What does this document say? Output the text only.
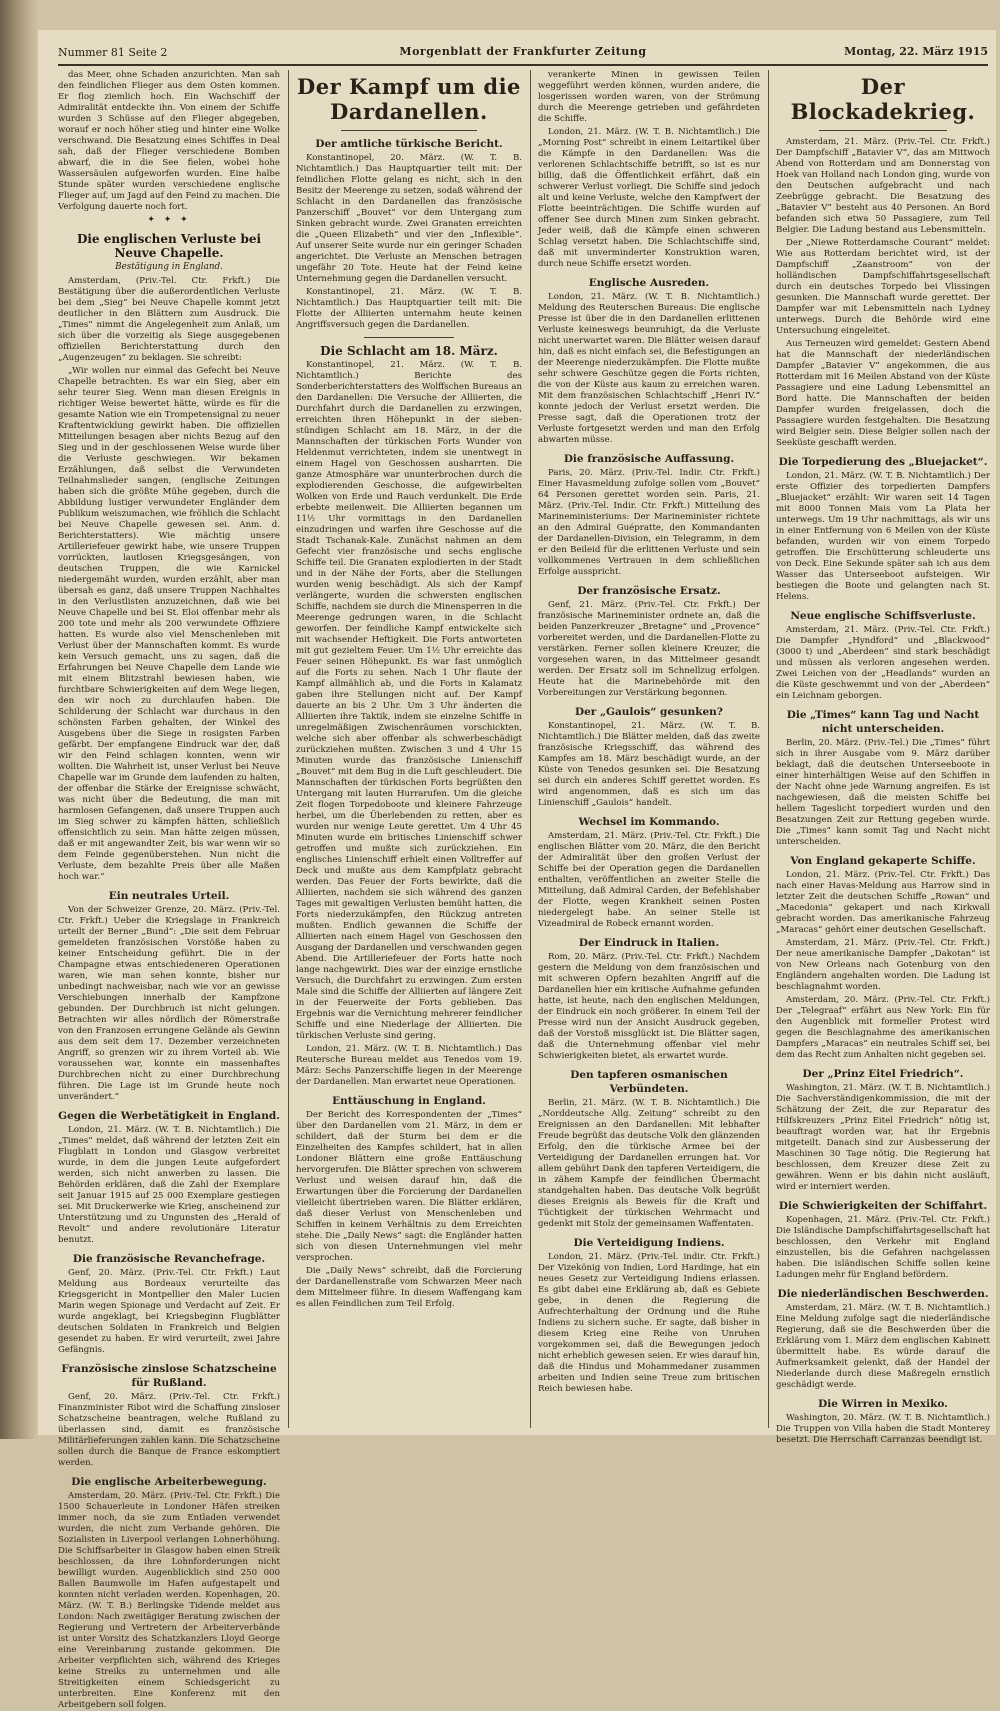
Nummer 81 Seite 2	Morgenblatt der Frankfurter Zeitung	Montag, 22. März 1915

das Meer, ohne Schaden anzurichten. Man sah den feindlichen Flieger aus dem Osten kommen. Er flog ziemlich hoch. Ein Wachschiff der Admiralität entdeckte ihn. Von einem der Schiffe wurden 3 Schüsse auf den Flieger abgegeben, worauf er noch höher stieg und hinter eine Wolke verschwand. Die Besatzung eines Schiffes in Deal sah, daß der Flieger verschiedene Bomben abwarf, die in die See fielen, wobei hohe Wassersäulen aufgeworfen wurden. Eine halbe Stunde später wurden verschiedene englische Flieger auf, um Jagd auf den Feind zu machen. Die Verfolgung dauerte noch fort.

✦ ✦ ✦
Die englischen Verluste bei Neuve Chapelle.
Bestätigung in England.

Amsterdam, (Priv.-Tel. Ctr. Frkft.) Die Bestätigung über die außerordentlichen Verluste bei dem „Sieg“ bei Neuve Chapelle kommt jetzt deutlicher in den Blättern zum Ausdruck. Die „Times“ nimmt die Angelegenheit zum Anlaß, um sich über die vorzeitig als Siege ausgegebenen offiziellen Berichterstattung durch den „Augenzeugen“ zu beklagen. Sie schreibt:

„Wir wollen nur einmal das Gefecht bei Neuve Chapelle betrachten. Es war ein Sieg, aber ein sehr teurer Sieg. Wenn man diesen Ereignis in richtiger Weise bewertet hätte, würde es für die gesamte Nation wie ein Trompetensignal zu neuer Kraftentwicklung gewirkt haben. Die offiziellen Mitteilungen besagen aber nichts Bezug auf den Sieg und in der geschlossenen Weise wurde über die Verluste geschwiegen. Wir bekamen Erzählungen, daß selbst die Verwundeten Teilnahmslieder sangen, (englische Zeitungen haben sich die größte Mühe gegeben, durch die Abbildung lustiger verwundeter Engländer dem Publikum weiszumachen, wie fröhlich die Schlacht bei Neuve Chapelle gewesen sei. Anm. d. Berichterstatters). Wie mächtig unsere Artilleriefeuer gewirkt habe, wie unsere Truppen vorrückten, lautlosen Kriegsgesängen, von deutschen Truppen, die wie Karnickel niedergemäht wurden, wurden erzählt, aber man übersah es ganz, daß unsere Truppen Nachhaltes in den Verlustlisten anzuzeichnen, daß wie bei Neuve Chapelle und bei St. Eloi offenbar mehr als 200 tote und mehr als 200 verwundete Offiziere hatten. Es wurde also viel Menschenleben mit Verlust über der Mannschaften kommt. Es wurde kein Versuch gemacht, uns zu sagen, daß die Erfahrungen bei Neuve Chapelle dem Lande wie mit einem Blitzstrahl bewiesen haben, wie furchtbare Schwierigkeiten auf dem Wege liegen, den wir noch zu durchlaufen haben. Die Schilderung der Schlacht war durchaus in den schönsten Farben gehalten, der Winkel des Ausgebens über die Siege in rosigsten Farben gefärbt. Der empfangene Eindruck war der, daß wir den Feind schlagen konnten, wenn wir wollten. Die Wahrheit ist, unser Verlust bei Neuve Chapelle war im Grunde dem laufenden zu halten, der offenbar die Stärke der Ereignisse schwächt, was nicht über die Bedeutung, die man mit harmlosen Gefangenen, daß unsere Truppen auch im Sieg schwer zu kämpfen hätten, schließlich offensichtlich zu sein. Man hätte zeigen müssen, daß er mit angewandter Zeit, bis war wenn wir so dem Feinde gegenüberstehen. Nun nicht die Verluste, dem bezahlte Preis über alle Maßen hoch war.“

Ein neutrales Urteil.

Von der Schweizer Grenze, 20. März. (Priv.-Tel. Ctr. Frkft.) Ueber die Kriegslage in Frankreich urteilt der Berner „Bund“: „Die seit dem Februar gemeldeten französischen Vorstöße haben zu keiner Entscheidung geführt. Die in der Champagne etwas entschiedeneren Operationen waren, wie man sehen konnte, bisher nur unbedingt nachweisbar, nach wie vor an gewisse Verschiebungen innerhalb der Kampfzone gebunden. Der Durchbruch ist nicht gelungen. Betrachten wir alles nördlich der Römerstraße von den Franzosen errungene Gelände als Gewinn aus dem seit dem 17. Dezember verzeichneten Angriff, so grenzen wir zu ihrem Vorteil ab. Wie voraussehen war, konnte ein massenhaftes Durchbrechen nicht zu einer Durchbrechung führen. Die Lage ist im Grunde heute noch unverändert.“

Gegen die Werbetätigkeit in England.

London, 21. März. (W. T. B. Nichtamtlich.) Die „Times“ meldet, daß während der letzten Zeit ein Flugblatt in London und Glasgow verbreitet wurde, in dem die jungen Leute aufgefordert werden, sich nicht anwerben zu lassen. Die Behörden erklären, daß die Zahl der Exemplare seit Januar 1915 auf 25 000 Exemplare gestiegen sei. Mit Druckerwerke wie Krieg, anscheinend zur Unterstützung und zu Ungunsten des „Herald of Revolt“ und andere revolutionäre Literatur benutzt.

Die französische Revanchefrage.

Genf, 20. März. (Priv.-Tel. Ctr. Frkft.) Laut Meldung aus Bordeaux verurteilte das Kriegsgericht in Montpellier den Maler Lucien Marin wegen Spionage und Verdacht auf Zeit. Er wurde angeklagt, bei Kriegsbeginn Flugblätter deutschen Soldaten in Frankreich und Belgien gesendet zu haben. Er wird verurteilt, zwei Jahre Gefängnis.

Französische zinslose Schatzscheine für Rußland.

Genf, 20. März. (Priv.-Tel. Ctr. Frkft.) Finanzminister Ribot wird die Schaffung zinsloser Schatzscheine beantragen, welche Rußland zu überlassen sind, damit es französische Militärlieferungen zahlen kann. Die Schatzscheine sollen durch die Banque de France eskomptiert werden.

Die englische Arbeiterbewegung.

Amsterdam, 20. März. (Priv.-Tel. Ctr. Frkft.) Die 1500 Schauerleute in Londoner Häfen streiken immer noch, da sie zum Entladen verwendet wurden, die nicht zum Verbande gehören. Die Sozialisten in Liverpool verlangen Lohnerhöhung. Die Schiffsarbeiter in Glasgow haben einen Streik beschlossen, da ihre Lohnforderungen nicht bewilligt wurden. Augenblicklich sind 250 000 Ballen Baumwolle im Hafen aufgestapelt und konnten nicht verladen werden. Kopenhagen, 20. März. (W. T. B.) Berlingske Tidende meldet aus London: Nach zweitägiger Beratung zwischen der Regierung und Vertretern der Arbeiterverbände ist unter Vorsitz des Schatzkanzlers Lloyd George eine Vereinbarung zustande gekommen. Die Arbeiter verpflichten sich, während des Krieges keine Streiks zu unternehmen und alle Streitigkeiten einem Schiedsgericht zu unterbreiten. Eine Konferenz mit den Arbeitgebern soll folgen.

Der Kampf um die Dardanellen.
Der amtliche türkische Bericht.

Konstantinopel, 20. März. (W. T. B. Nichtamtlich.) Das Hauptquartier teilt mit: Der feindlichen Flotte gelang es nicht, sich in den Besitz der Meerenge zu setzen, sodaß während der Schlacht in den Dardanellen das französische Panzerschiff „Bouvet“ vor dem Untergang zum Sinken gebracht wurde. Zwei Granaten erreichten die „Queen Elizabeth“ und vier den „Inflexible“. Auf unserer Seite wurde nur ein geringer Schaden angerichtet. Die Verluste an Menschen betragen ungefähr 20 Tote. Heute hat der Feind keine Unternehmung gegen die Dardanellen versucht.

Konstantinopel, 21. März. (W. T. B. Nichtamtlich.) Das Hauptquartier teilt mit: Die Flotte der Alliierten unternahm heute keinen Angriffsversuch gegen die Dardanellen.

Die Schlacht am 18. März.

Konstantinopel, 21. März. (W. T. B. Nichtamtlich.) Berichte des Sonderberichterstatters des Wolffschen Bureaus an den Dardanellen: Die Versuche der Alliierten, die Durchfahrt durch die Dardanellen zu erzwingen, erreichten ihren Höhepunkt in der sieben-stündigen Schlacht am 18. März, in der die Mannschaften der türkischen Forts Wunder von Heldenmut verrichteten, indem sie unentwegt in einem Hagel von Geschossen ausharrten. Die ganze Atmosphäre war ununterbrochen durch die explodierenden Geschosse, die aufgewirbelten Wolken von Erde und Rauch verdunkelt. Die Erde erbebte meilenweit. Die Alliierten begannen um 11½ Uhr vormittags in den Dardanellen einzudringen und warfen ihre Geschosse auf die Stadt Tschanak-Kale. Zunächst nahmen an dem Gefecht vier französische und sechs englische Schiffe teil. Die Granaten explodierten in der Stadt und in der Nähe der Forts, aber die Stellungen wurden wenig beschädigt. Als sich der Kampf verlängerte, wurden die schwersten englischen Schiffe, nachdem sie durch die Minensperren in die Meerenge gedrungen waren, in die Schlacht geworfen. Der feindliche Kampf entwickelte sich mit wachsender Heftigkeit. Die Forts antworteten mit gut gezieltem Feuer. Um 1½ Uhr erreichte das Feuer seinen Höhepunkt. Es war fast unmöglich auf die Forts zu sehen. Nach 1 Uhr flaute der Kampf allmählich ab, und die Forts in Kalamatz gaben ihre Stellungen nicht auf. Der Kampf dauerte an bis 2 Uhr. Um 3 Uhr änderten die Alliierten ihre Taktik, indem sie einzelne Schiffe in unregelmäßigen Zwischenräumen vorschickten, welche sich aber offenbar als schwerbeschädigt zurückziehen mußten. Zwischen 3 und 4 Uhr 15 Minuten wurde das französische Linienschiff „Bouvet“ mit dem Bug in die Luft geschleudert. Die Mannschaften der türkischen Forts begrüßten den Untergang mit lauten Hurrarufen. Um die gleiche Zeit flogen Torpedoboote und kleinere Fahrzeuge herbei, um die Überlebenden zu retten, aber es wurden nur wenige Leute gerettet. Um 4 Uhr 45 Minuten wurde ein britisches Linienschiff schwer getroffen und mußte sich zurückziehen. Ein englisches Linienschiff erhielt einen Volltreffer auf Deck und mußte aus dem Kampfplatz gebracht werden. Das Feuer der Forts bewirkte, daß die Alliierten, nachdem sie sich während des ganzen Tages mit gewaltigen Verlusten bemüht hatten, die Forts niederzukämpfen, den Rückzug antreten mußten. Endlich gewannen die Schiffe der Alliierten nach einem Hagel von Geschossen den Ausgang der Dardanellen und verschwanden gegen Abend. Die Artilleriefeuer der Forts hatte noch lange nachgewirkt. Dies war der einzige ernstliche Versuch, die Durchfahrt zu erzwingen. Zum ersten Male sind die Schiffe der Alliierten auf längere Zeit in der Feuerweite der Forts geblieben. Das Ergebnis war die Vernichtung mehrerer feindlicher Schiffe und eine Niederlage der Alliierten. Die türkischen Verluste sind gering.

London, 21. März. (W. T. B. Nichtamtlich.) Das Reutersche Bureau meldet aus Tenedos vom 19. März: Sechs Panzerschiffe liegen in der Meerenge der Dardanellen. Man erwartet neue Operationen.

Enttäuschung in England.

Der Bericht des Korrespondenten der „Times“ über den Dardanellen vom 21. März, in dem er schildert, daß der Sturm bei dem er die Einzelheiten des Kampfes schildert, hat in allen Londoner Blättern eine große Enttäuschung hervorgerufen. Die Blätter sprechen von schwerem Verlust und weisen darauf hin, daß die Erwartungen über die Forcierung der Dardanellen vielleicht übertrieben waren. Die Blätter erklären, daß dieser Verlust von Menschenleben und Schiffen in keinem Verhältnis zu dem Erreichten stehe. Die „Daily News“ sagt: die Engländer hatten sich von diesen Unternehmungen viel mehr versprochen.

Die „Daily News“ schreibt, daß die Forcierung der Dardanellenstraße vom Schwarzen Meer nach dem Mittelmeer führe. In diesem Waffengang kam es allen Feindlichen zum Teil Erfolg.

verankerte Minen in gewissen Teilen weggeführt werden können, wurden andere, die losgerissen worden waren, von der Strömung durch die Meerenge getrieben und gefährdeten die Schiffe.

London, 21. März. (W. T. B. Nichtamtlich.) Die „Morning Post“ schreibt in einem Leitartikel über die Kämpfe in den Dardanellen: Was die verlorenen Schlachtschiffe betrifft, so ist es nur billig, daß die Öffentlichkeit erfährt, daß ein schwerer Verlust vorliegt. Die Schiffe sind jedoch alt und keine Verluste, welche den Kampfwert der Flotte beeinträchtigen. Die Schiffe wurden auf offener See durch Minen zum Sinken gebracht. Jeder weiß, daß die Kämpfe einen schweren Schlag versetzt haben. Die Schlachtschiffe sind, daß mit unverminderter Konstruktion waren, durch neue Schiffe ersetzt worden.

Englische Ausreden.

London, 21. März. (W. T. B. Nichtamtlich.) Meldung des Reuterschen Bureaus: Die englische Presse ist über die in den Dardanellen erlittenen Verluste keineswegs beunruhigt, da die Verluste nicht unerwartet waren. Die Blätter weisen darauf hin, daß es nicht einfach sei, die Befestigungen an der Meerenge niederzukämpfen. Die Flotte mußte sehr schwere Geschütze gegen die Forts richten, die von der Küste aus kaum zu erreichen waren. Mit dem französischen Schlachtschiff „Henri IV.“ konnte jedoch der Verlust ersetzt werden. Die Presse sagt, daß die Operationen trotz der Verluste fortgesetzt werden und man den Erfolg abwarten müsse.

Die französische Auffassung.

Paris, 20. März. (Priv.-Tel. Indir. Ctr. Frkft.) Einer Havasmeldung zufolge sollen vom „Bouvet“ 64 Personen gerettet worden sein. Paris, 21. März. (Priv.-Tel. Indir. Ctr. Frkft.) Mitteilung des Marineministeriums: Der Marineminister richtete an den Admiral Guépratte, den Kommandanten der Dardanellen-Division, ein Telegramm, in dem er den Beileid für die erlittenen Verluste und sein vollkommenes Vertrauen in dem schließlichen Erfolge ausspricht.

Der französische Ersatz.

Genf, 21. März. (Priv.-Tel. Ctr. Frkft.) Der französische Marineminister ordnete an, daß die beiden Panzerkreuzer „Bretagne“ und „Provence“ vorbereitet werden, und die Dardanellen-Flotte zu verstärken. Ferner sollen kleinere Kreuzer, die vorgesehen waren, in das Mittelmeer gesandt werden. Der Ersatz soll im Schnellzug erfolgen. Heute hat die Marinebehörde mit den Vorbereitungen zur Verstärkung begonnen.

Der „Gaulois“ gesunken?

Konstantinopel, 21. März. (W. T. B. Nichtamtlich.) Die Blätter melden, daß das zweite französische Kriegsschiff, das während des Kampfes am 18. März beschädigt wurde, an der Küste von Tenedos gesunken sei. Die Besatzung sei durch ein anderes Schiff gerettet worden. Es wird angenommen, daß es sich um das Linienschiff „Gaulois“ handelt.

Wechsel im Kommando.

Amsterdam, 21. März. (Priv.-Tel. Ctr. Frkft.) Die englischen Blätter vom 20. März, die den Bericht der Admiralität über den großen Verlust der Schiffe bei der Operation gegen die Dardanellen enthalten, veröffentlichen an zweiter Stelle die Mitteilung, daß Admiral Carden, der Befehlshaber der Flotte, wegen Krankheit seinen Posten niedergelegt habe. An seiner Stelle ist Vizeadmiral de Robeck ernannt worden.

Der Eindruck in Italien.

Rom, 20. März. (Priv.-Tel. Ctr. Frkft.) Nachdem gestern die Meldung von dem französischen und mit schweren Opfern bezahlten Angriff auf die Dardanellen hier ein kritische Aufnahme gefunden hatte, ist heute, nach den englischen Meldungen, der Eindruck ein noch größerer. In einem Teil der Presse wird nun der Ansicht Ausdruck gegeben, daß der Vorstoß missglückt ist. Die Blätter sagen, daß die Unternehmung offenbar viel mehr Schwierigkeiten bietet, als erwartet wurde.

Den tapferen osmanischen Verbündeten.

Berlin, 21. März. (W. T. B. Nichtamtlich.) Die „Norddeutsche Allg. Zeitung“ schreibt zu den Ereignissen an den Dardanellen: Mit lebhafter Freude begrüßt das deutsche Volk den glänzenden Erfolg, den die türkische Armee bei der Verteidigung der Dardanellen errungen hat. Vor allem gebührt Dank den tapferen Verteidigern, die in zähem Kampfe der feindlichen Übermacht standgehalten haben. Das deutsche Volk begrüßt dieses Ereignis als Beweis für die Kraft und Tüchtigkeit der türkischen Wehrmacht und gedenkt mit Stolz der gemeinsamen Waffentaten.

Die Verteidigung Indiens.

London, 21. März. (Priv.-Tel. indir. Ctr. Frkft.) Der Vizekönig von Indien, Lord Hardinge, hat ein neues Gesetz zur Verteidigung Indiens erlassen. Es gibt dabei eine Erklärung ab, daß es Gebiete gebe, in denen die Regierung die Aufrechterhaltung der Ordnung und die Ruhe Indiens zu sichern suche. Er sagte, daß bisher in diesem Krieg eine Reihe von Unruhen vorgekommen sei, daß die Bewegungen jedoch nicht erheblich gewesen seien. Er wies darauf hin, daß die Hindus und Mohammedaner zusammen arbeiten und Indien seine Treue zum britischen Reich bewiesen habe.

Der Blockadekrieg.

Amsterdam, 21. März. (Priv.-Tel. Ctr. Frkft.) Der Dampfschiff „Batavier V“, das am Mittwoch Abend von Rotterdam und am Donnerstag von Hoek van Holland nach London ging, wurde von den Deutschen aufgebracht und nach Zeebrügge gebracht. Die Besatzung des „Batavier V“ besteht aus 40 Personen. An Bord befanden sich etwa 50 Passagiere, zum Teil Belgier. Die Ladung bestand aus Lebensmitteln.

Der „Niewe Rotterdamsche Courant“ meldet: Wie aus Rotterdam berichtet wird, ist der Dampfschiff „Zaanstroom“ von der holländischen Dampfschiffahrtsgesellschaft durch ein deutsches Torpedo bei Vlissingen gesunken. Die Mannschaft wurde gerettet. Der Dampfer war mit Lebensmitteln nach Lydney unterwegs. Durch die Behörde wird eine Untersuchung eingeleitet.

Aus Terneuzen wird gemeldet: Gestern Abend hat die Mannschaft der niederländischen Dampfer „Batavier V“ angekommen, die aus Rotterdam mit 16 Meilen Abstand von der Küste Passagiere und eine Ladung Lebensmittel an Bord hatte. Die Mannschaften der beiden Dampfer wurden freigelassen, doch die Passagiere wurden festgehalten. Die Besatzung wird Belgier sein. Diese Belgier sollen nach der Seeküste geschafft werden.

Die Torpedierung des „Bluejacket“.

London, 21. März. (W. T. B. Nichtamtlich.) Der erste Offizier des torpedierten Dampfers „Bluejacket“ erzählt: Wir waren seit 14 Tagen mit 8000 Tonnen Mais vom La Plata her unterwegs. Um 19 Uhr nachmittags, als wir uns in einer Entfernung von 6 Meilen von der Küste befanden, wurden wir von einem Torpedo getroffen. Die Erschütterung schleuderte uns von Deck. Eine Sekunde später sah ich aus dem Wasser das Unterseeboot aufsteigen. Wir bestiegen die Boote und gelangten nach St. Helens.

Neue englische Schiffsverluste.

Amsterdam, 21. März. (Priv.-Tel. Ctr. Frkft.) Die Dampfer „Hyndford“ und „Blackwood“ (3000 t) und „Aberdeen“ sind stark beschädigt und müssen als verloren angesehen werden. Zwei Leichen von der „Headlands“ wurden an die Küste geschwemmt und von der „Aberdeen“ ein Leichnam geborgen.

Die „Times“ kann Tag und Nacht nicht unterscheiden.

Berlin, 20. März. (Priv.-Tel.) Die „Times“ führt sich in ihrer Ausgabe vom 9. März darüber beklagt, daß die deutschen Unterseeboote in einer hinterhältigen Weise auf den Schiffen in der Nacht ohne jede Warnung angreifen. Es ist nachgewiesen, daß die meisten Schiffe bei hellem Tageslicht torpediert wurden und den Besatzungen Zeit zur Rettung gegeben wurde. Die „Times“ kann somit Tag und Nacht nicht unterscheiden.

Von England gekaperte Schiffe.

London, 21. März. (Priv.-Tel. Ctr. Frkft.) Das nach einer Havas-Meldung aus Harrow sind in letzter Zeit die deutschen Schiffe „Rowan“ und „Macedonia“ gekapert und nach Kirkwall gebracht worden. Das amerikanische Fahrzeug „Maracas“ gehört einer deutschen Gesellschaft.

Amsterdam, 21. März. (Priv.-Tel. Ctr. Frkft.) Der neue amerikanische Dampfer „Dakotan“ ist von New Orleans nach Gotenburg von den Engländern angehalten worden. Die Ladung ist beschlagnahmt worden.

Amsterdam, 20. März. (Priv.-Tel. Ctr. Frkft.) Der „Telegraaf“ erfährt aus New York: Ein für den Augenblick mit formeller Protest wird gegen die Beschlagnahme des amerikanischen Dampfers „Maracas“ ein neutrales Schiff sei, bei dem das Recht zum Anhalten nicht gegeben sei.

Der „Prinz Eitel Friedrich“.

Washington, 21. März. (W. T. B. Nichtamtlich.) Die Sachverständigenkommission, die mit der Schätzung der Zeit, die zur Reparatur des Hilfskreuzers „Prinz Eitel Friedrich“ nötig ist, beauftragt worden war, hat ihr Ergebnis mitgeteilt. Danach sind zur Ausbesserung der Maschinen 30 Tage nötig. Die Regierung hat beschlossen, dem Kreuzer diese Zeit zu gewähren. Wenn er bis dahin nicht ausläuft, wird er interniert werden.

Die Schwierigkeiten der Schiffahrt.

Kopenhagen, 21. März. (Priv.-Tel. Ctr. Frkft.) Die Isländische Dampfschiffahrtsgesellschaft hat beschlossen, den Verkehr mit England einzustellen, bis die Gefahren nachgelassen haben. Die isländischen Schiffe sollen keine Ladungen mehr für England befördern.

Die niederländischen Beschwerden.

Amsterdam, 21. März. (W. T. B. Nichtamtlich.) Eine Meldung zufolge sagt die niederländische Regierung, daß sie die Beschwerden über die Erklärung vom 1. März dem englischen Kabinett übermittelt habe. Es würde darauf die Aufmerksamkeit gelenkt, daß der Handel der Niederlande durch diese Maßregeln ernstlich geschädigt werde.

Die Wirren in Mexiko.

Washington, 20. März. (W. T. B. Nichtamtlich.) Die Truppen von Villa haben die Stadt Monterey besetzt. Die Herrschaft Carranzas beendigt ist.
